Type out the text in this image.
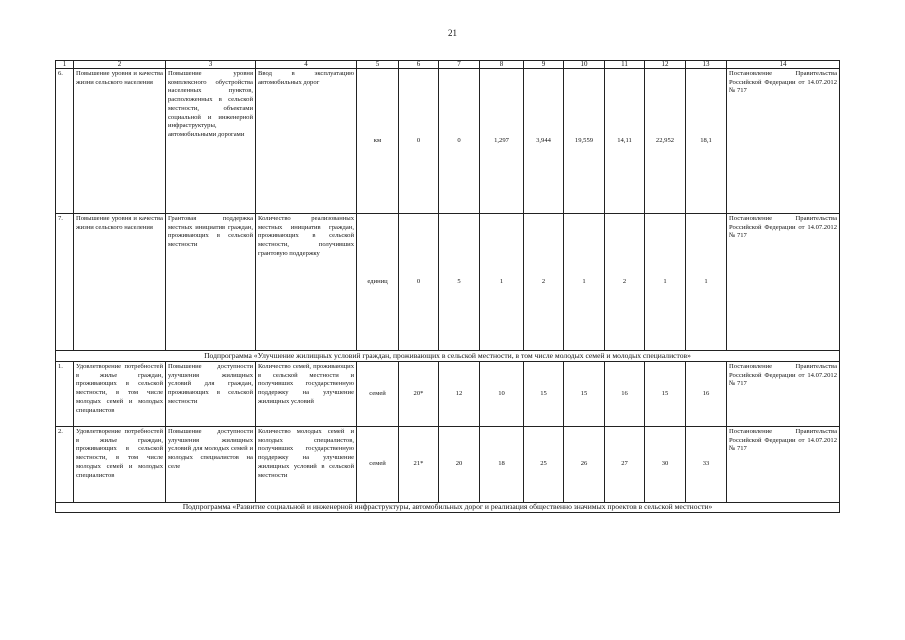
21
1	2	3	4	5	6	7	8	9	10	11	12	13	14
6.	Повышение уровня и качества жизни сельского населения	Повышение уровня комплексного обустройства населенных пунктов, расположенных в сельской местности, объектами социальной и инженерной инфраструктуры, автомобильными дорогами	Ввод в эксплуатацию автомобильных дорог	км	0	0	1,297	3,944	19,559	14,11	22,952	18,1	Постановление Правительства Российской Федерации от 14.07.2012 № 717
7.	Повышение уровня и качества жизни сельского населения	Грантовая поддержка местных инициатив граждан, проживающих в сельской местности	Количество реализованных местных инициатив граждан, проживающих в сельской местности, получивших грантовую поддержку	единиц	0	5	1	2	1	2	1	1	Постановление Правительства Российской Федерации от 14.07.2012 № 717
Подпрограмма «Улучшение жилищных условий граждан, проживающих в сельской местности, в том числе молодых семей и молодых специалистов»													
1.	Удовлетворение потребностей в жилье граждан, проживающих в сельской местности, в том числе молодых семей и молодых специалистов	Повышение доступности улучшения жилищных условий для граждан, проживающих в сельской местности	Количество семей, проживающих в сельской местности и получивших государственную поддержку на улучшение жилищных условий	семей	20*	12	10	15	15	16	15	16	Постановление Правительства Российской Федерации от 14.07.2012 № 717
2.	Удовлетворение потребностей в жилье граждан, проживающих в сельской местности, в том числе молодых семей и молодых специалистов	Повышение доступности улучшения жилищных условий для молодых семей и молодых специалистов на селе	Количество молодых семей и молодых специалистов, получивших государственную поддержку на улучшение жилищных условий в сельской местности	семей	21*	20	18	25	26	27	30	33	Постановление Правительства Российской Федерации от 14.07.2012 № 717
Подпрограмма «Развитие социальной и инженерной инфраструктуры, автомобильных дорог и реализация общественно значимых проектов в сельской местности»													
